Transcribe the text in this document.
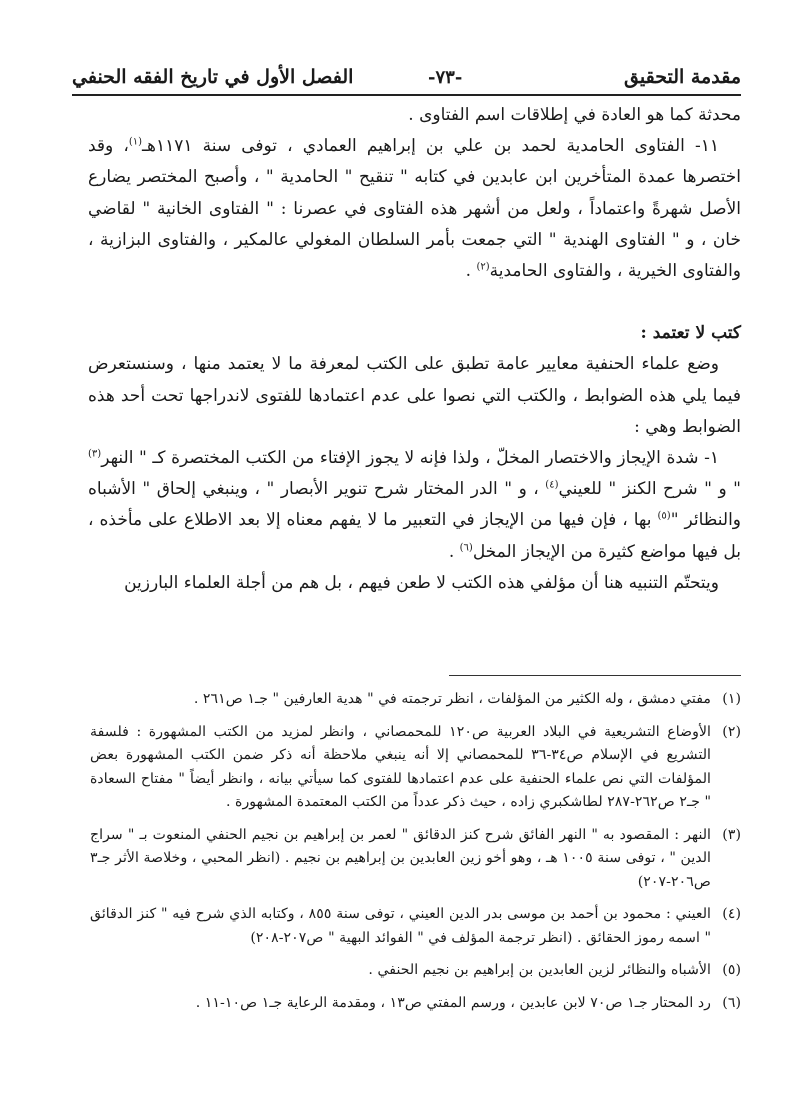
مقدمة التحقيق
-٧٣-
الفصل الأول في تاريخ الفقه الحنفي

محدثة كما هو العادة في إطلاقات اسم الفتاوى .

١١- الفتاوى الحامدية لحمد بن علي بن إبراهيم العمادي ، توفى سنة ١١٧١هـ$^{(١)}$، وقد اختصرها عمدة المتأخرين ابن عابدين في كتابه " تنقيح " الحامدية " ، وأصبح المختصر يضارع الأصل شهرةً واعتماداً ، ولعل من أشهر هذه الفتاوى في عصرنا : " الفتاوى الخانية " لقاضي خان ، و " الفتاوى الهندية " التي جمعت بأمر السلطان المغولي عالمكير ، والفتاوى البزازية ، والفتاوى الخيرية ، والفتاوى الحامدية$^{(٢)}$ .

كتب لا تعتمد :

وضع علماء الحنفية معايير عامة تطبق على الكتب لمعرفة ما لا يعتمد منها ، وسنستعرض فيما يلي هذه الضوابط ، والكتب التي نصوا على عدم اعتمادها للفتوى لاندراجها تحت أحد هذه الضوابط وهي :

١- شدة الإيجاز والاختصار المخلّ ، ولذا فإنه لا يجوز الإفتاء من الكتب المختصرة كـ " النهر$^{(٣)}$ " و " شرح الكنز " للعيني$^{(٤)}$ ، و " الدر المختار شرح تنوير الأبصار " ، وينبغي إلحاق " الأشباه والنظائر "$^{(٥)}$ بها ، فإن فيها من الإيجاز في التعبير ما لا يفهم معناه إلا بعد الاطلاع على مأخذه ، بل فيها مواضع كثيرة من الإيجاز المخل$^{(٦)}$ .

ويتحتّم التنبيه هنا أن مؤلفي هذه الكتب لا طعن فيهم ، بل هم من أجلة العلماء البارزين

(١)
مفتي دمشق ، وله الكثير من المؤلفات ، انظر ترجمته في " هدية العارفين " جـ١ ص٢٦١ .

(٢)
الأوضاع التشريعية في البلاد العربية ص١٢٠ للمحمصاني ، وانظر لمزيد من الكتب المشهورة : فلسفة التشريع في الإسلام ص٣٤-٣٦ للمحمصاني إلا أنه ينبغي ملاحظة أنه ذكر ضمن الكتب المشهورة بعض المؤلفات التي نص علماء الحنفية على عدم اعتمادها للفتوى كما سيأتي بيانه ، وانظر أيضاً " مفتاح السعادة " جـ٢ ص٢٦٢-٢٨٧ لطاشكبري زاده ، حيث ذكر عدداً من الكتب المعتمدة المشهورة .

(٣)
النهر : المقصود به " النهر الفائق شرح كنز الدقائق " لعمر بن إبراهيم بن نجيم الحنفي المنعوت بـ " سراج الدين " ، توفى سنة ١٠٠٥ هـ ، وهو أخو زين العابدين بن إبراهيم بن نجيم . (انظر المحبي ، وخلاصة الأثر جـ٣ ص٢٠٦-٢٠٧)

(٤)
العيني : محمود بن أحمد بن موسى بدر الدين العيني ، توفى سنة ٨٥٥ ، وكتابه الذي شرح فيه " كنز الدقائق " اسمه رموز الحقائق . (انظر ترجمة المؤلف في " الفوائد البهية " ص٢٠٧-٢٠٨)

(٥)
الأشباه والنظائر لزين العابدين بن إبراهيم بن نجيم الحنفي .

(٦)
رد المحتار جـ١ ص٧٠ لابن عابدين ، ورسم المفتي ص١٣ ، ومقدمة الرعاية جـ١ ص١٠-١١ .
